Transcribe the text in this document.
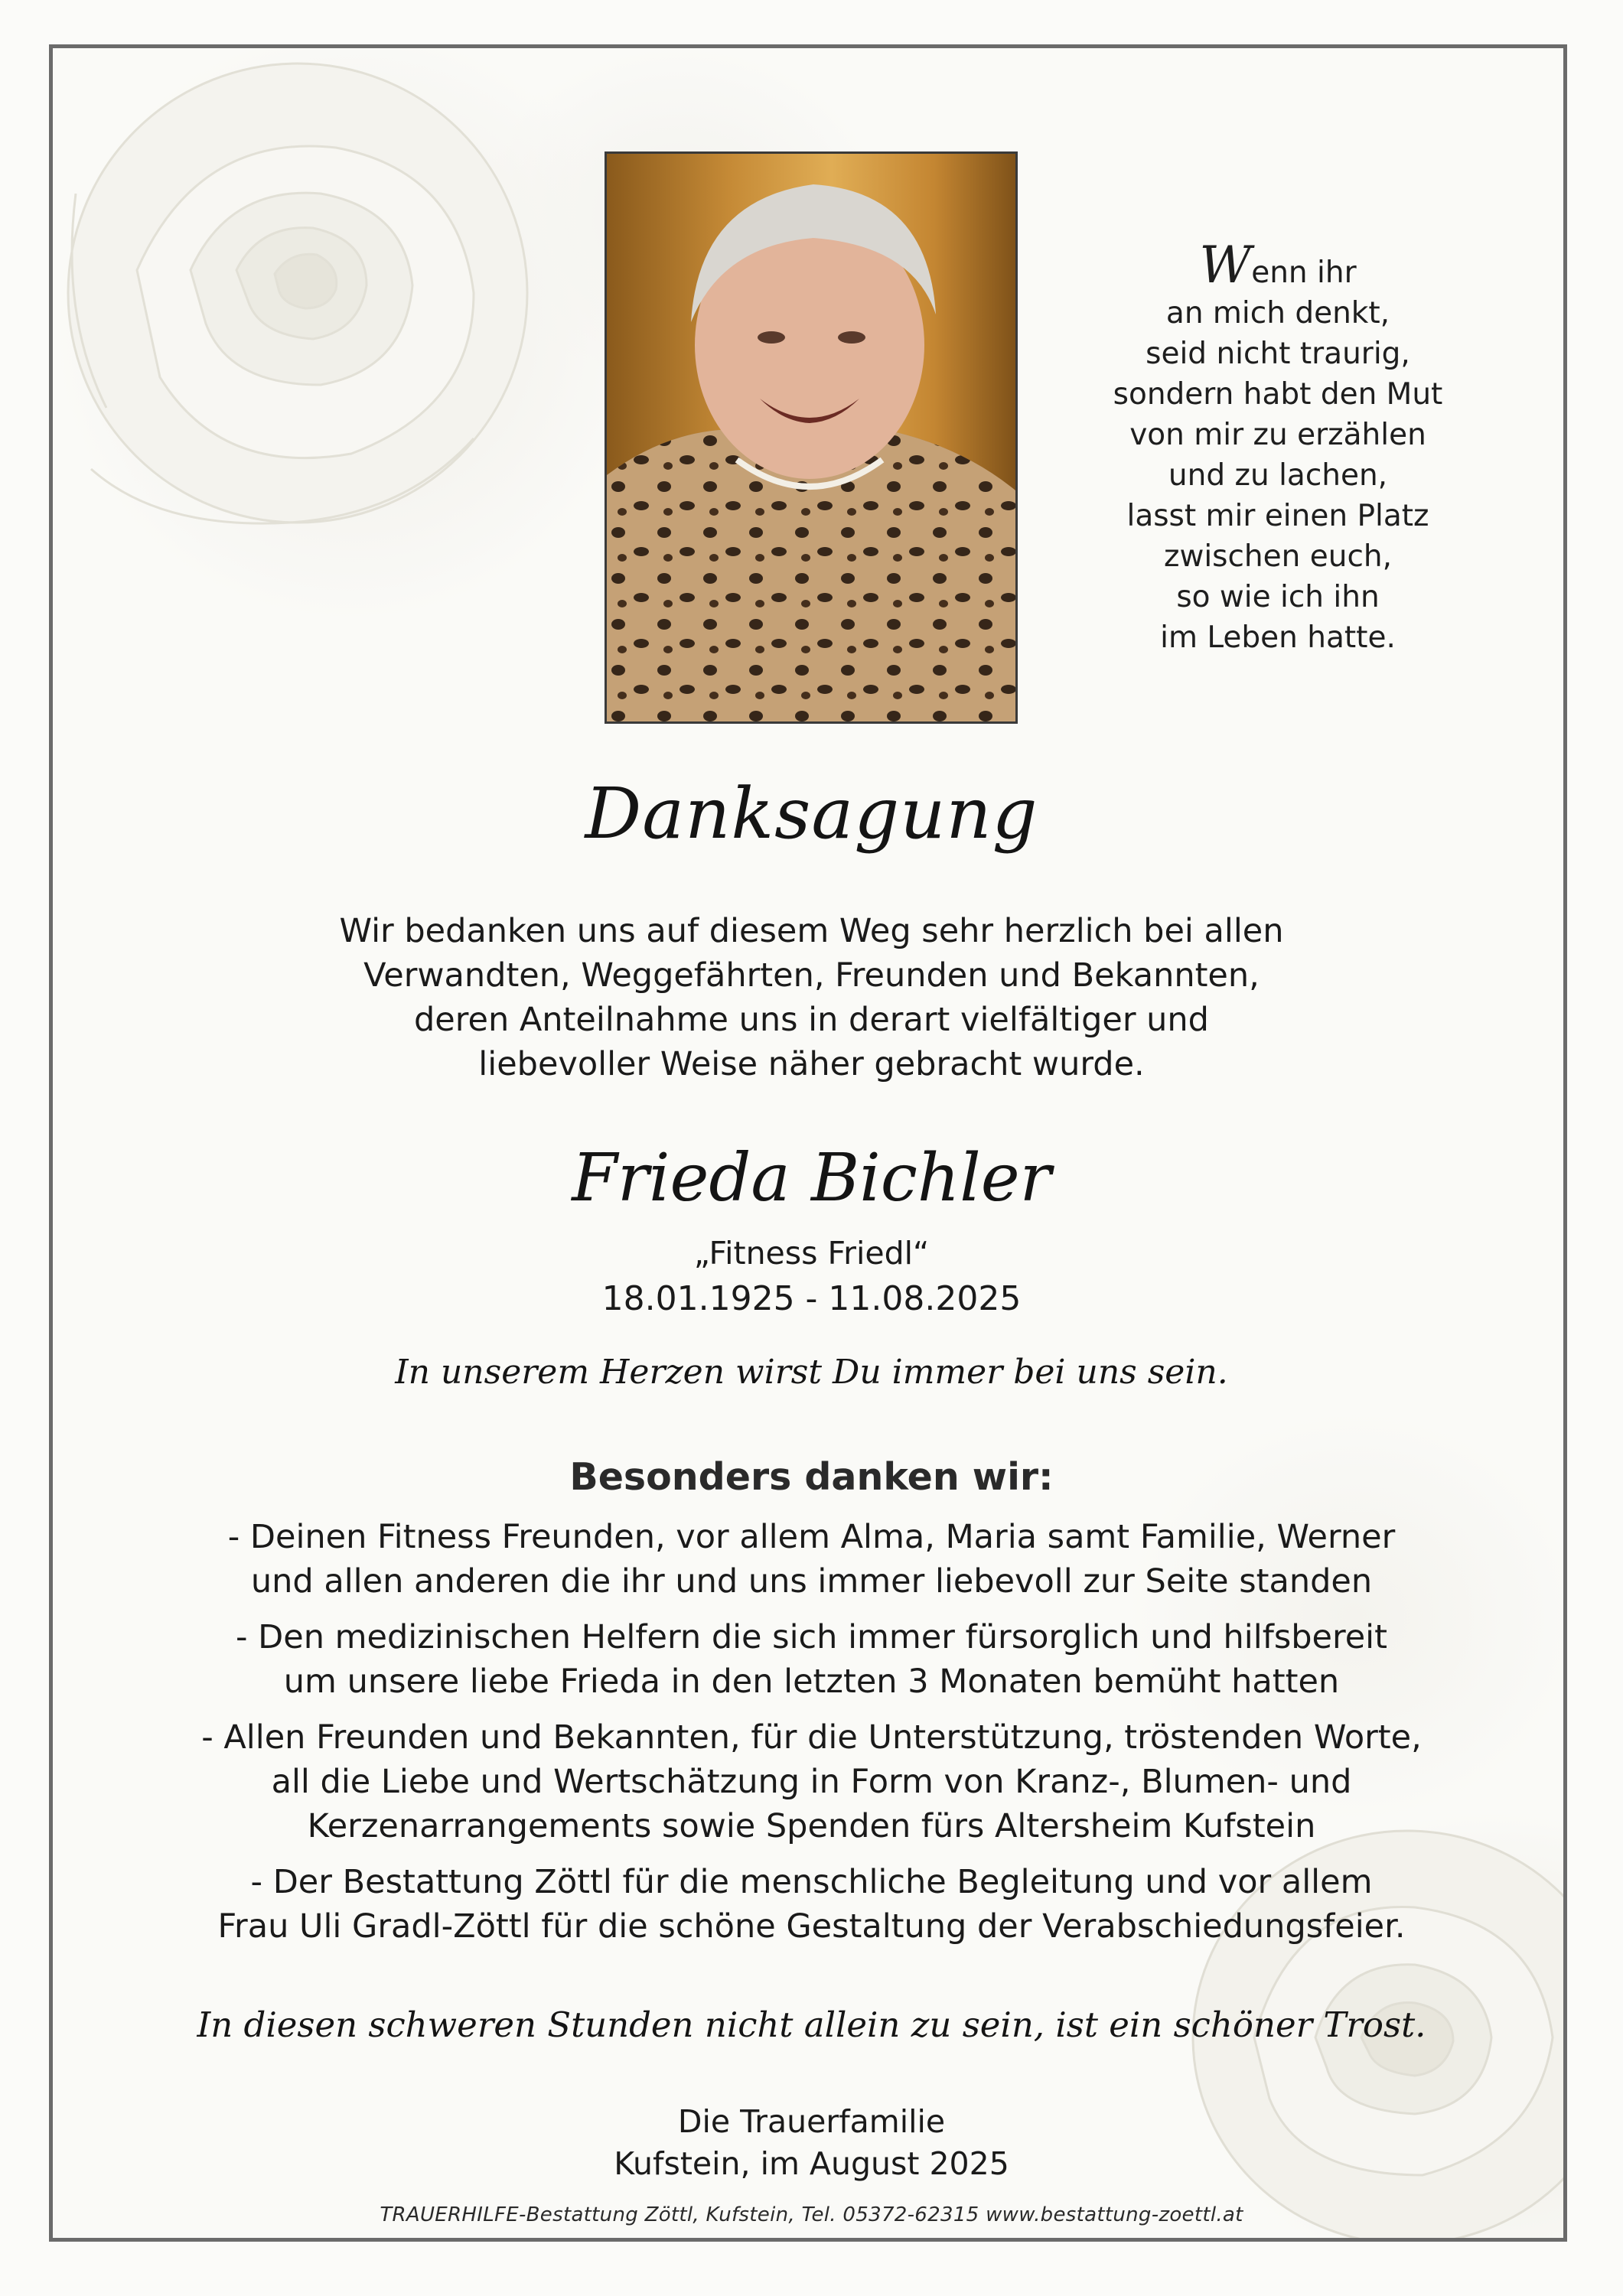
Wenn ihr
an mich denkt,
seid nicht traurig,
sondern habt den Mut
von mir zu erzählen
und zu lachen,
lasst mir einen Platz
zwischen euch,
so wie ich ihn
im Leben hatte.
Danksagung
Wir bedanken uns auf diesem Weg sehr herzlich bei allen
Verwandten, Weggefährten, Freunden und Bekannten,
deren Anteilnahme uns in derart vielfältiger und
liebevoller Weise näher gebracht wurde.
Frieda Bichler
„Fitness Friedl“
18.01.1925 - 11.08.2025
In unserem Herzen wirst Du immer bei uns sein.
Besonders danken wir:
- Deinen Fitness Freunden, vor allem Alma, Maria samt Familie, Werner
und allen anderen die ihr und uns immer liebevoll zur Seite standen
- Den medizinischen Helfern die sich immer fürsorglich und hilfsbereit
um unsere liebe Frieda in den letzten 3 Monaten bemüht hatten
- Allen Freunden und Bekannten, für die Unterstützung, tröstenden Worte,
all die Liebe und Wertschätzung in Form von Kranz-, Blumen- und
Kerzenarrangements sowie Spenden fürs Altersheim Kufstein
- Der Bestattung Zöttl für die menschliche Begleitung und vor allem
Frau Uli Gradl-Zöttl für die schöne Gestaltung der Verabschiedungsfeier.
In diesen schweren Stunden nicht allein zu sein, ist ein schöner Trost.
Die Trauerfamilie
Kufstein, im August 2025
TRAUERHILFE-Bestattung Zöttl, Kufstein, Tel. 05372-62315 www.bestattung-zoettl.at
